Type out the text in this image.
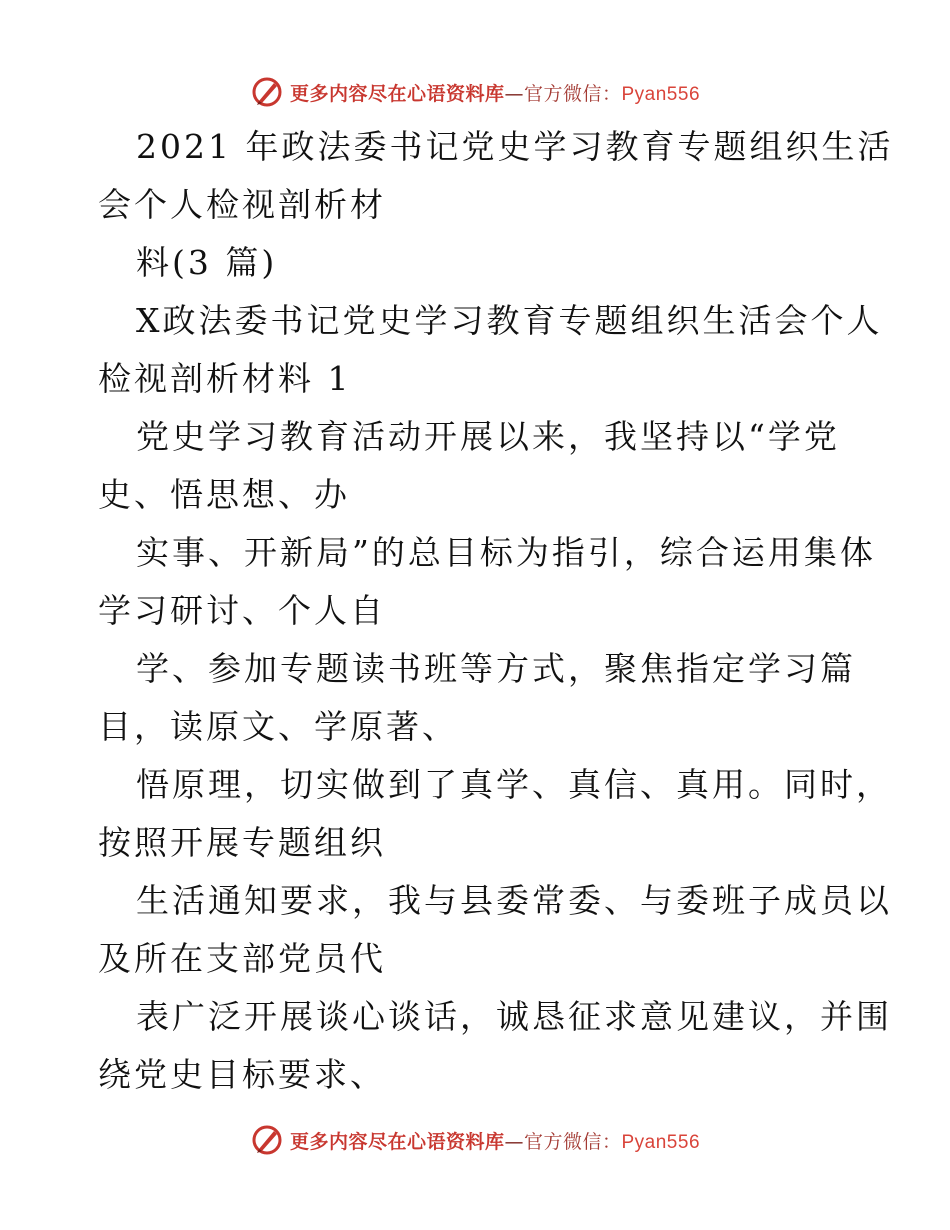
更多内容尽在心语资料库—官方微信：Pyan556
2021 年政法委书记党史学习教育专题组织生活
会个人检视剖析材
料(3 篇)
X政法委书记党史学习教育专题组织生活会个人
检视剖析材料 1
党史学习教育活动开展以来，我坚持以“学党
史、悟思想、办
实事、开新局”的总目标为指引，综合运用集体
学习研讨、个人自
学、参加专题读书班等方式，聚焦指定学习篇
目，读原文、学原著、
悟原理，切实做到了真学、真信、真用。同时，
按照开展专题组织
生活通知要求，我与县委常委、与委班子成员以
及所在支部党员代
表广泛开展谈心谈话，诚恳征求意见建议，并围
绕党史目标要求、
更多内容尽在心语资料库—官方微信：Pyan556
